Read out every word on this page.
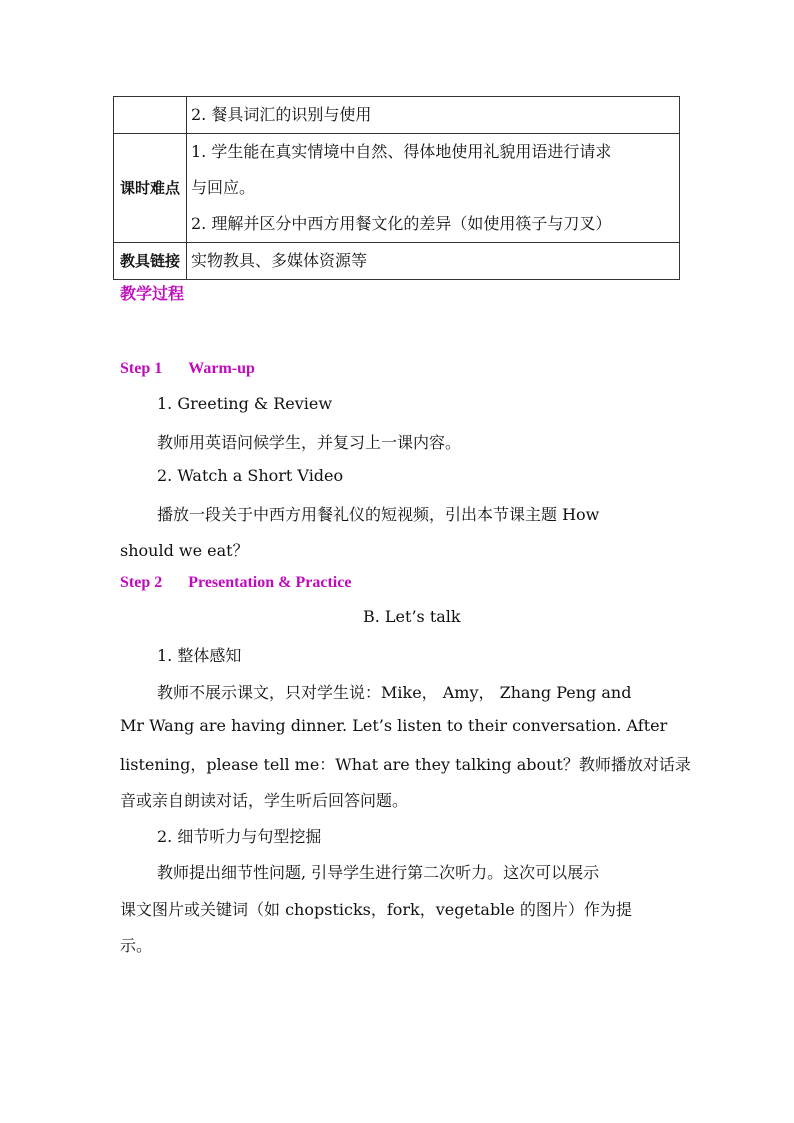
	2. 餐具词汇的识别与使用

课时难点	1. 学生能在真实情境中自然、得体地使用礼貌用语进行请求
与回应。
2. 理解并区分中西方用餐文化的差异（如使用筷子与刀叉）

教具链接	实物教具、多媒体资源等
教学过程
Step 1 Warm-up
1. Greeting & Review
教师用英语问候学生，并复习上一课内容。
2. Watch a Short Video
播放一段关于中西方用餐礼仪的短视频，引出本节课主题 How
should we eat？
Step 2 Presentation & Practice
B. Let’s talk
1. 整体感知
教师不展示课文，只对学生说：Mike， Amy， Zhang Peng and
Mr Wang are having dinner. Let’s listen to their conversation. After
listening，please tell me：What are they talking about？教师播放对话录
音或亲自朗读对话，学生听后回答问题。
2. 细节听力与句型挖掘
教师提出细节性问题, 引导学生进行第二次听力。这次可以展示
课文图片或关键词（如 chopsticks，fork，vegetable 的图片）作为提
示。
